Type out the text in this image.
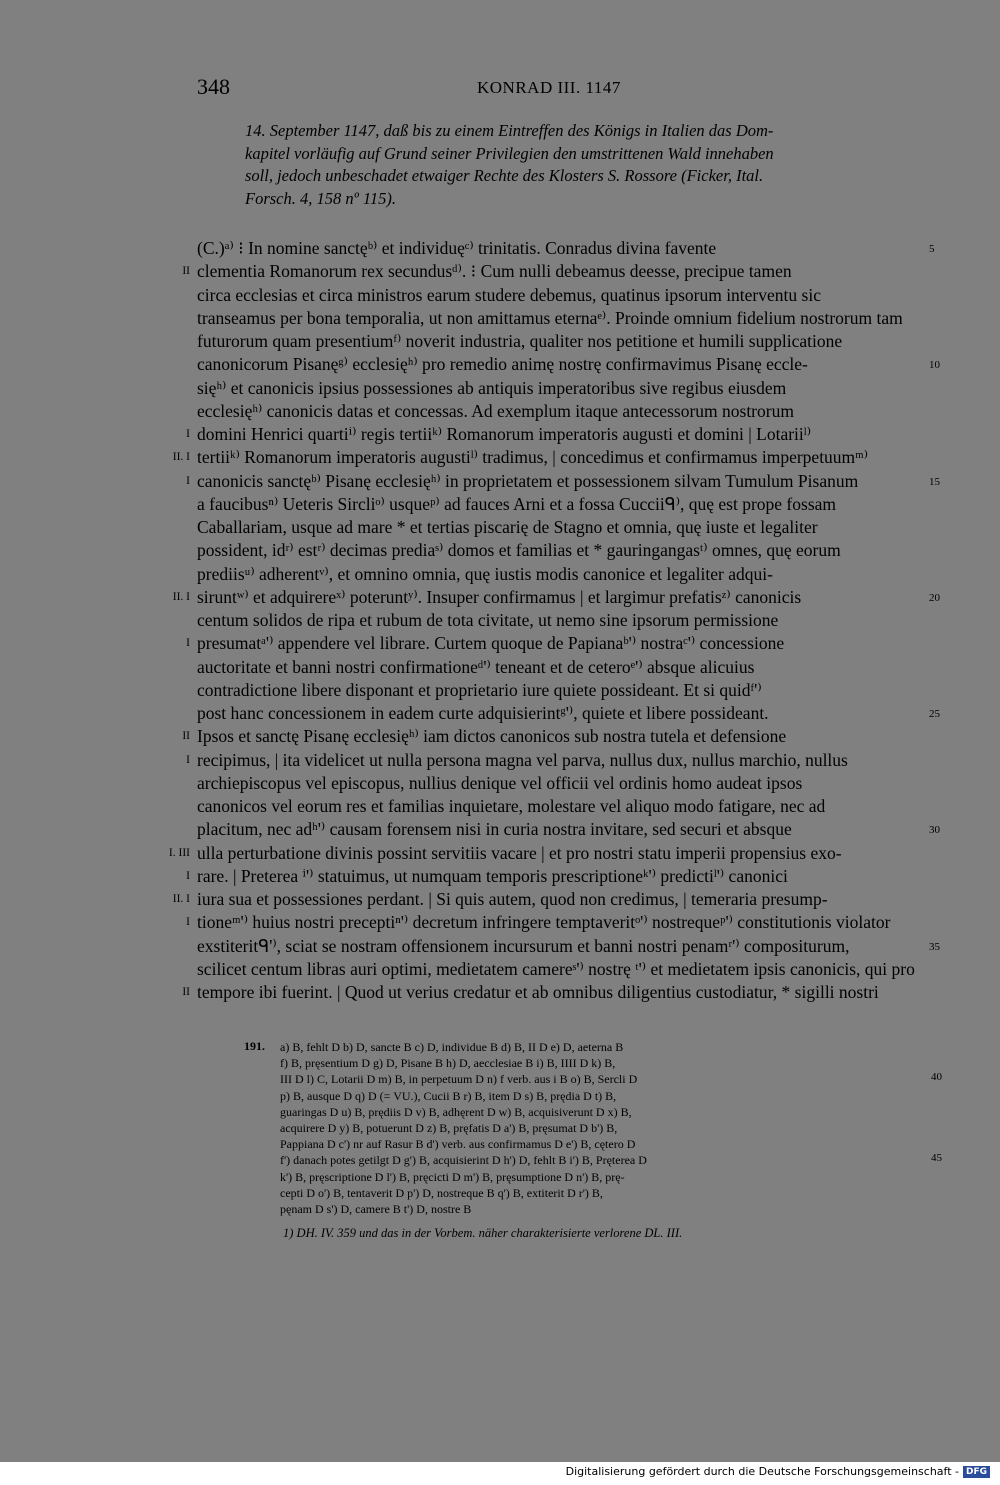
348	KONRAD III. 1147
14. September 1147, daß bis zu einem Eintreffen des Königs in Italien das Dom-
kapitel vorläufig auf Grund seiner Privilegien den umstrittenen Wald innehaben
soll, jedoch unbeschadet etwaiger Rechte des Klosters S. Rossore (Ficker, Ital.
Forsch. 4, 158 nº 115).
(C.)ᵃ⁾ ⁝ In nomine sanctęᵇ⁾ et individuęᶜ⁾ trinitatis. Conradus divina favente	5
clementia Romanorum rex secundusᵈ⁾. ⁝ Cum nulli debeamus deesse, precipue tamen
II
circa ecclesias et circa ministros earum studere debemus, quatinus ipsorum interventu sic
transeamus per bona temporalia, ut non amittamus eternaᵉ⁾. Proinde omnium fidelium nostrorum tam
futurorum quam presentiumᶠ⁾ noverit industria, qualiter nos petitione et humili supplicatione
canonicorum Pisanęᵍ⁾ ecclesięʰ⁾ pro remedio animę nostrę confirmavimus Pisanę eccle-	10
sięʰ⁾ et canonicis ipsius possessiones ab antiquis imperatoribus sive regibus eiusdem
ecclesięʰ⁾ canonicis datas et concessas. Ad exemplum itaque antecessorum nostrorum
domini Henrici quartiⁱ⁾ regis tertiiᵏ⁾ Romanorum imperatoris augusti et domini | Lotariiˡ⁾
I
tertiiᵏ⁾ Romanorum imperatoris augustiˡ⁾ tradimus, | concedimus et confirmamus imperpetuumᵐ⁾
II. I
canonicis sanctęᵇ⁾ Pisanę ecclesięʰ⁾ in proprietatem et possessionem silvam Tumulum Pisanum	15
I
a faucibusⁿ⁾ Ueteris Sircliᵒ⁾ usqueᵖ⁾ ad fauces Arni et a fossa Cucciiᑫ⁾, quę est prope fossam
Caballariam, usque ad mare * et tertias piscarię de Stagno et omnia, quę iuste et legaliter
possident, idʳ⁾ estʳ⁾ decimas prediaˢ⁾ domos et familias et * gauringangasᵗ⁾ omnes, quę eorum
prediisᵘ⁾ adherentᵛ⁾, et omnino omnia, quę iustis modis canonice et legaliter adqui-
siruntʷ⁾ et adquirereˣ⁾ poteruntʸ⁾. Insuper confirmamus | et largimur prefatisᶻ⁾ canonicis	20
II. I
centum solidos de ripa et rubum de tota civitate, ut nemo sine ipsorum permissione
presumatᵃ'⁾ appendere vel librare. Curtem quoque de Papianaᵇ'⁾ nostraᶜ'⁾ concessione
I
auctoritate et banni nostri confirmationeᵈ'⁾ teneant et de ceteroᵉ'⁾ absque alicuius
contradictione libere disponant et proprietario iure quiete possideant. Et si quidᶠ'⁾
post hanc concessionem in eadem curte adquisierintᵍ'⁾, quiete et libere possideant.	25
Ipsos et sanctę Pisanę ecclesięʰ⁾ iam dictos canonicos sub nostra tutela et defensione
II
recipimus, | ita videlicet ut nulla persona magna vel parva, nullus dux, nullus marchio, nullus
I
archiepiscopus vel episcopus, nullius denique vel officii vel ordinis homo audeat ipsos
canonicos vel eorum res et familias inquietare, molestare vel aliquo modo fatigare, nec ad
placitum, nec adʰ'⁾ causam forensem nisi in curia nostra invitare, sed securi et absque	30
ulla perturbatione divinis possint servitiis vacare | et pro nostri statu imperii propensius exo-
I. III
rare. | Preterea ⁱ'⁾ statuimus, ut numquam temporis prescriptioneᵏ'⁾ predictiˡ'⁾ canonici
I
iura sua et possessiones perdant. | Si quis autem, quod non credimus, | temeraria presump-
II. I
tioneᵐ'⁾ huius nostri preceptiⁿ'⁾ decretum infringere temptaveritᵒ'⁾ nostrequeᵖ'⁾ constitutionis violator
I
exstiteritᑫ'⁾, sciat se nostram offensionem incursurum et banni nostri penamʳ'⁾ compositurum,	35
scilicet centum libras auri optimi, medietatem camereˢ'⁾ nostrę ᵗ'⁾ et medietatem ipsis canonicis, qui pro
tempore ibi fuerint. | Quod ut verius credatur et ab omnibus diligentius custodiatur, * sigilli nostri
II
191.	a) B, fehlt D b) D, sancte B c) D, individue B d) B, II D e) D, aeterna B
f) B, pręsentium D g) D, Pisane B h) D, aecclesiae B i) B, IIII D k) B,
III D l) C, Lotarii D m) B, in perpetuum D n) f verb. aus i B o) B, Sercli D
p) B, ausque D q) D (= VU.), Cucii B r) B, item D s) B, prędia D t) B,
guaringas D u) B, prędiis D v) B, adhęrent D w) B, acquisiverunt D x) B,
acquirere D y) B, potuerunt D z) B, pręfatis D a') B, pręsumat D b') B,
Pappiana D c') nr auf Rasur B d') verb. aus confirmamus D e') B, cętero D
f') danach potes getilgt D g') B, acquisierint D h') D, fehlt B i') B, Pręterea D
k') B, pręscriptione D l') B, pręcicti D m') B, pręsumptione D n') B, prę-
cepti D o') B, tentaverit D p') D, nostreque B q') B, extiterit D r') B,
pęnam D s') D, camere B t') D, nostre B
1) DH. IV. 359 und das in der Vorbem. näher charakterisierte verlorene DL. III.
40
45
Digitalisierung gefördert durch die Deutsche Forschungsgemeinschaft - DFG
